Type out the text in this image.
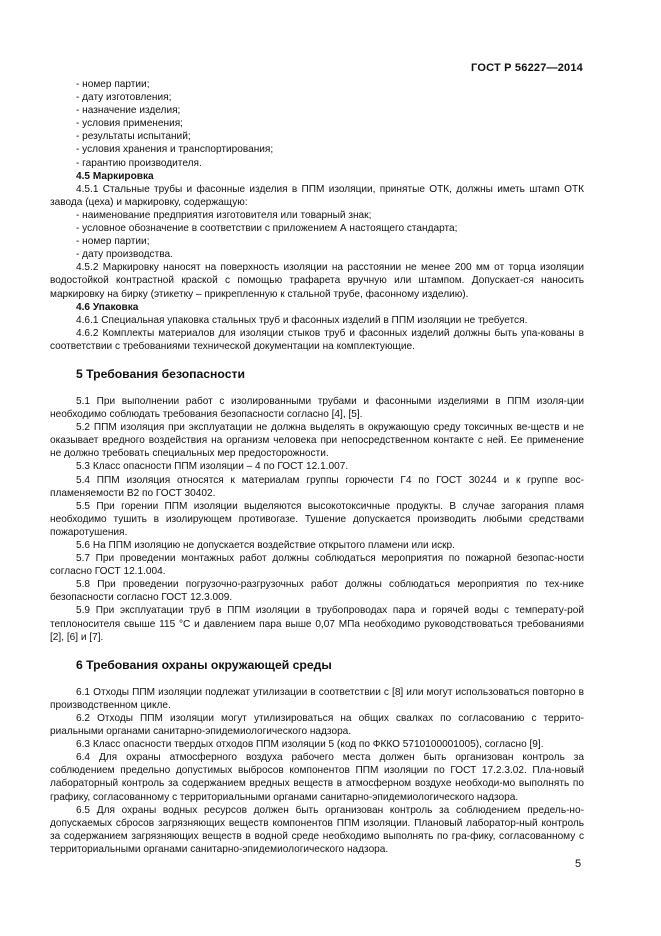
ГОСТ Р 56227—2014

- номер партии;

- дату изготовления;

- назначение изделия;

- условия применения;

- результаты испытаний;

- условия хранения и транспортирования;

- гарантию производителя.

4.5 Маркировка

4.5.1 Стальные трубы и фасонные изделия в ППМ изоляции, принятые ОТК, должны иметь штамп ОТК завода (цеха) и маркировку, содержащую:

- наименование предприятия изготовителя или товарный знак;

- условное обозначение в соответствии с приложением А настоящего стандарта;

- номер партии;

- дату производства.

4.5.2 Маркировку наносят на поверхность изоляции на расстоянии не менее 200 мм от торца изоляции водостойкой контрастной краской с помощью трафарета вручную или штампом. Допускает-ся наносить маркировку на бирку (этикетку – прикрепленную к стальной трубе, фасонному изделию).

4.6 Упаковка

4.6.1 Специальная упаковка стальных труб и фасонных изделий в ППМ изоляции не требуется.

4.6.2 Комплекты материалов для изоляции стыков труб и фасонных изделий должны быть упа-кованы в соответствии с требованиями технической документации на комплектующие.

5 Требования безопасности

5.1 При выполнении работ с изолированными трубами и фасонными изделиями в ППМ изоля-ции необходимо соблюдать требования безопасности согласно [4], [5].

5.2 ППМ изоляция при эксплуатации не должна выделять в окружающую среду токсичных ве-ществ и не оказывает вредного воздействия на организм человека при непосредственном контакте с ней. Ее применение не должно требовать специальных мер предосторожности.

5.3 Класс опасности ППМ изоляции – 4 по ГОСТ 12.1.007.

5.4 ППМ изоляция относятся к материалам группы горючести Г4 по ГОСТ 30244 и к группе вос-пламеняемости В2 по ГОСТ 30402.

5.5 При горении ППМ изоляции выделяются высокотоксичные продукты. В случае загорания пламя необходимо тушить в изолирующем противогазе. Тушение допускается производить любыми средствами пожаротушения.

5.6 На ППМ изоляцию не допускается воздействие открытого пламени или искр.

5.7 При проведении монтажных работ должны соблюдаться мероприятия по пожарной безопас-ности согласно ГОСТ 12.1.004.

5.8 При проведении погрузочно-разгрузочных работ должны соблюдаться мероприятия по тех-нике безопасности согласно ГОСТ 12.3.009.

5.9 При эксплуатации труб в ППМ изоляции в трубопроводах пара и горячей воды с температу-рой теплоносителя свыше 115 °С и давлением пара выше 0,07 МПа необходимо руководствоваться требованиями [2], [6] и [7].

6 Требования охраны окружающей среды

6.1 Отходы ППМ изоляции подлежат утилизации в соответствии с [8] или могут использоваться повторно в производственном цикле.

6.2 Отходы ППМ изоляции могут утилизироваться на общих свалках по согласованию с террито-риальными органами санитарно-эпидемиологического надзора.

6.3 Класс опасности твердых отходов ППМ изоляции 5 (код по ФККО 5710100001005), согласно [9].

6.4 Для охраны атмосферного воздуха рабочего места должен быть организован контроль за соблюдением предельно допустимых выбросов компонентов ППМ изоляции по ГОСТ 17.2.3.02. Пла-новый лабораторный контроль за содержанием вредных веществ в атмосферном воздухе необходи-мо выполнять по графику, согласованному с территориальными органами санитарно-эпидемиологического надзора.

6.5 Для охраны водных ресурсов должен быть организован контроль за соблюдением предель-но-допускаемых сбросов загрязняющих веществ компонентов ППМ изоляции. Плановый лаборатор-ный контроль за содержанием загрязняющих веществ в водной среде необходимо выполнять по гра-фику, согласованному с территориальными органами санитарно-эпидемиологического надзора.

5
